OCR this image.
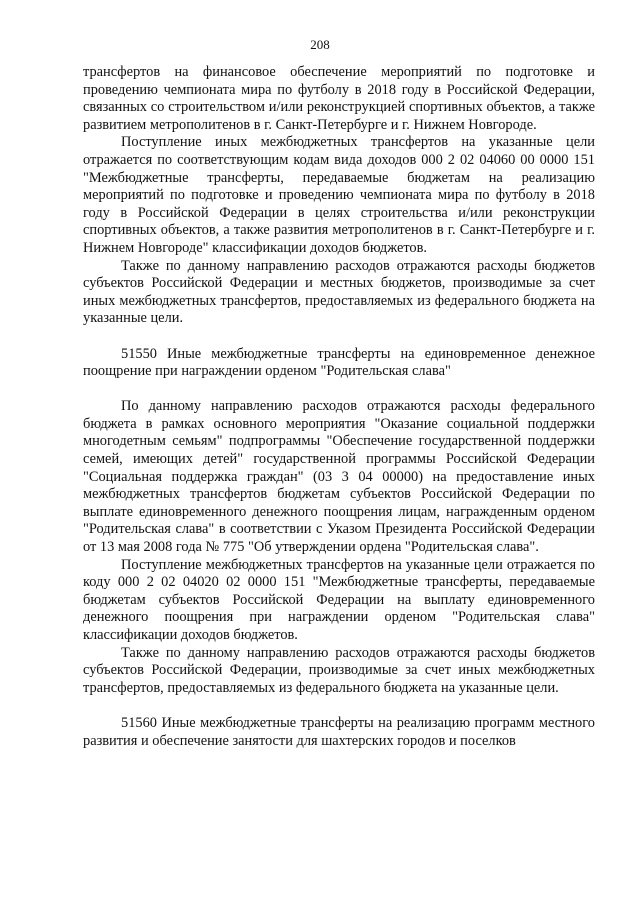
208

трансфертов на финансовое обеспечение мероприятий по подготовке и проведению чемпионата мира по футболу в 2018 году в Российской Федерации, связанных со строительством и/или реконструкцией спортивных объектов, а также развитием метрополитенов в г. Санкт-Петербурге и г. Нижнем Новгороде.

Поступление иных межбюджетных трансфертов на указанные цели отражается по соответствующим кодам вида доходов 000 2 02 04060 00 0000 151 "Межбюджетные трансферты, передаваемые бюджетам на реализацию мероприятий по подготовке и проведению чемпионата мира по футболу в 2018 году в Российской Федерации в целях строительства и/или реконструкции спортивных объектов, а также развития метрополитенов в г. Санкт-Петербурге и г. Нижнем Новгороде" классификации доходов бюджетов.

Также по данному направлению расходов отражаются расходы бюджетов субъектов Российской Федерации и местных бюджетов, производимые за счет иных межбюджетных трансфертов, предоставляемых из федерального бюджета на указанные цели.

51550 Иные межбюджетные трансферты на единовременное денежное поощрение при награждении орденом "Родительская слава"

По данному направлению расходов отражаются расходы федерального бюджета в рамках основного мероприятия "Оказание социальной поддержки многодетным семьям" подпрограммы "Обеспечение государственной поддержки семей, имеющих детей" государственной программы Российской Федерации "Социальная поддержка граждан" (03 3 04 00000) на предоставление иных межбюджетных трансфертов бюджетам субъектов Российской Федерации по выплате единовременного денежного поощрения лицам, награжденным орденом "Родительская слава" в соответствии с Указом Президента Российской Федерации от 13 мая 2008 года № 775 "Об утверждении ордена "Родительская слава".

Поступление межбюджетных трансфертов на указанные цели отражается по коду 000 2 02 04020 02 0000 151 "Межбюджетные трансферты, передаваемые бюджетам субъектов Российской Федерации на выплату единовременного денежного поощрения при награждении орденом "Родительская слава" классификации доходов бюджетов.

Также по данному направлению расходов отражаются расходы бюджетов субъектов Российской Федерации, производимые за счет иных межбюджетных трансфертов, предоставляемых из федерального бюджета на указанные цели.

51560 Иные межбюджетные трансферты на реализацию программ местного развития и обеспечение занятости для шахтерских городов и поселков
